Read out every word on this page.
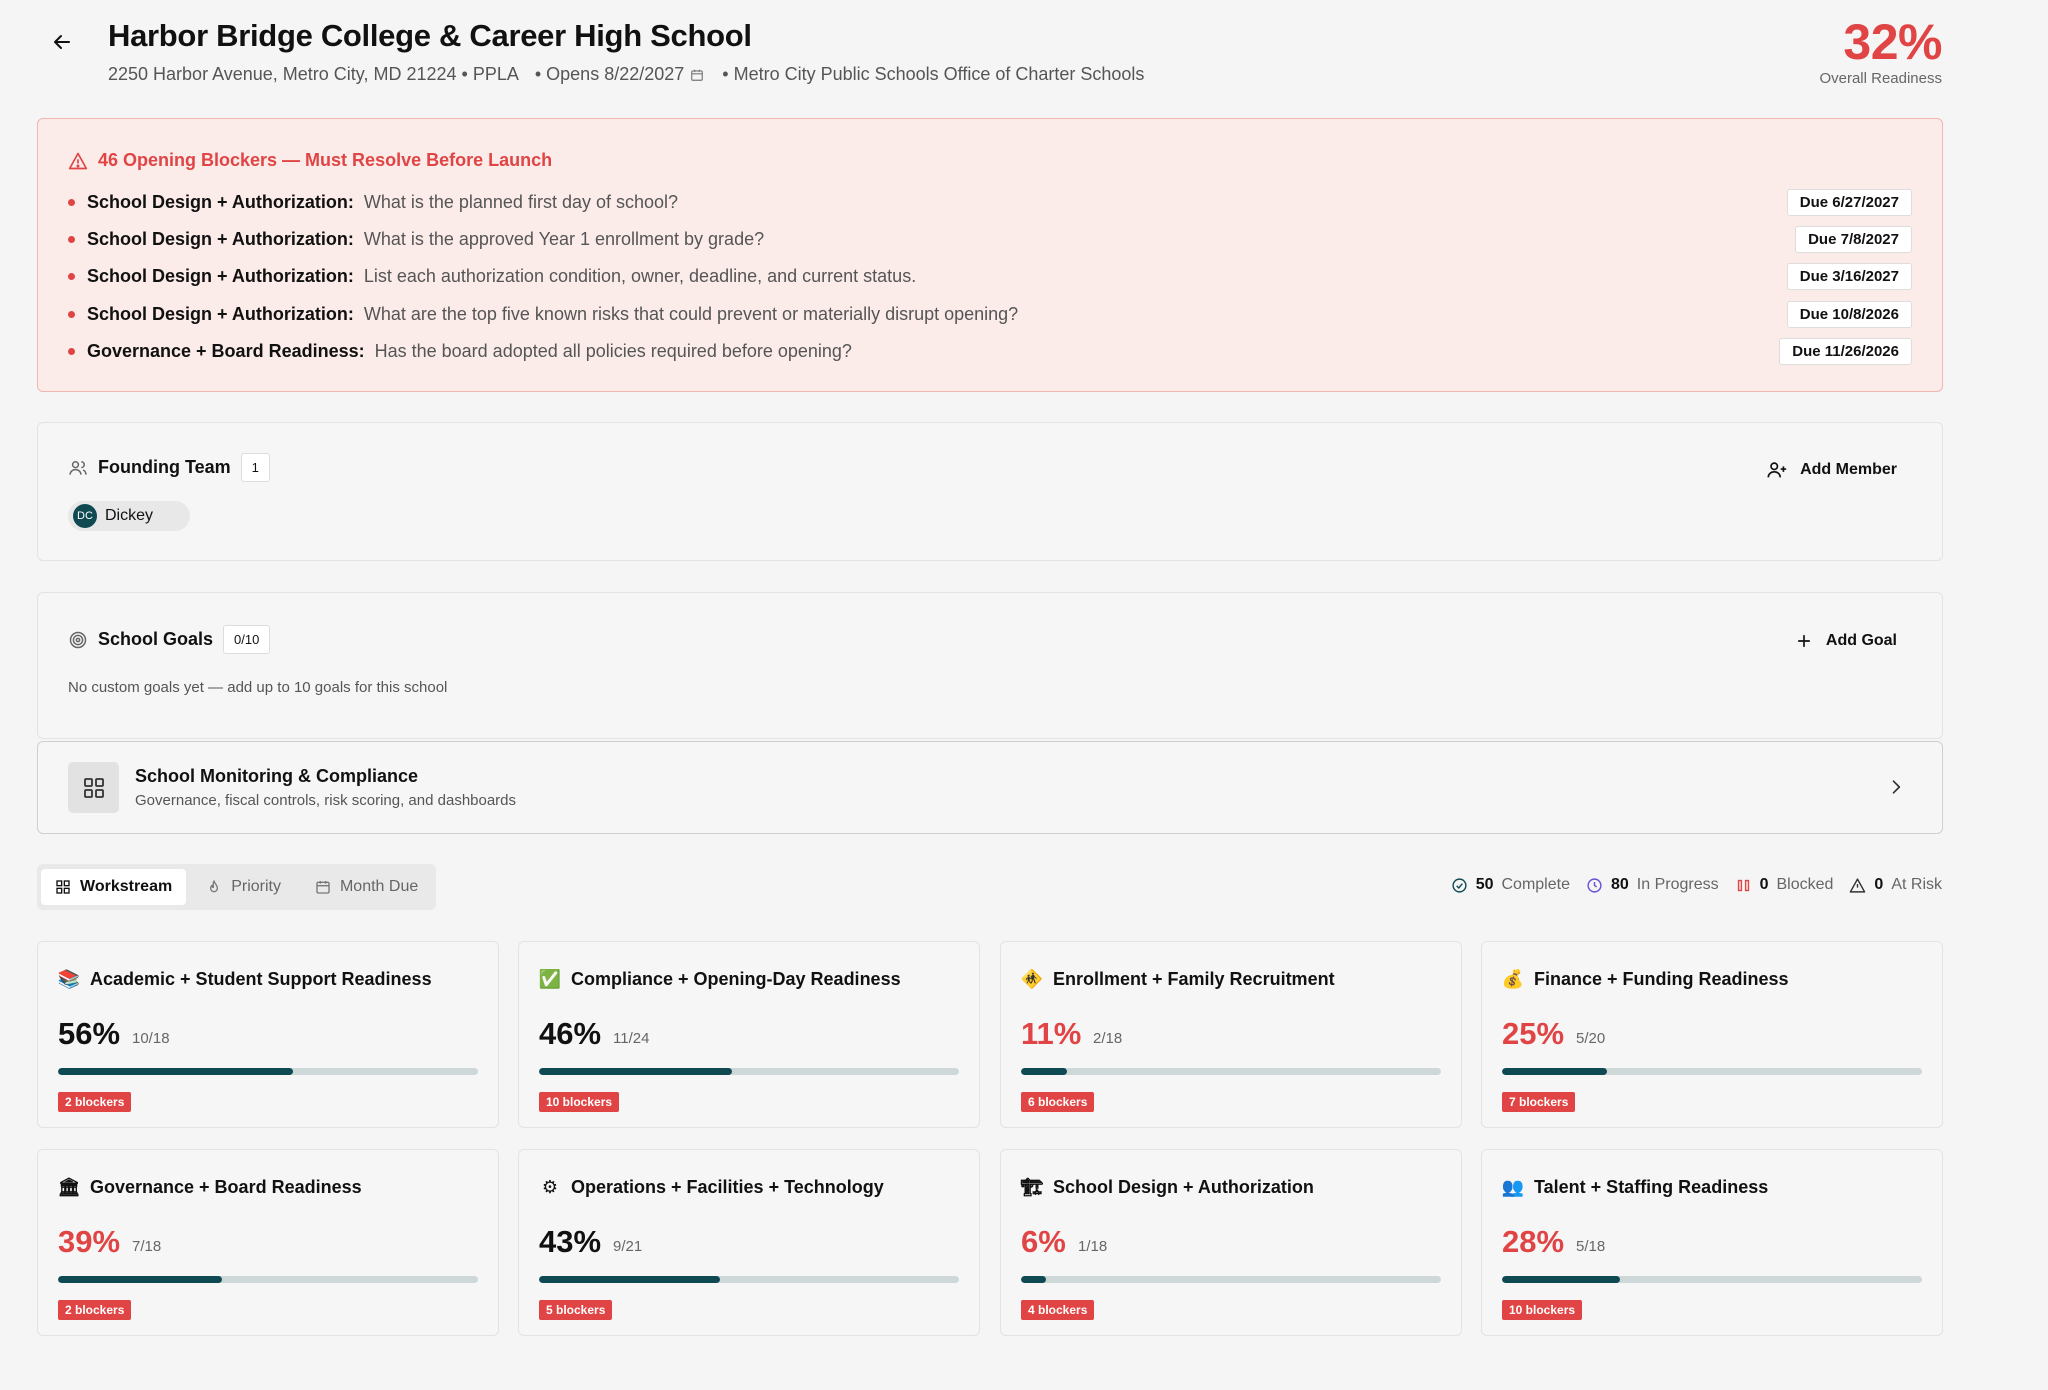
Harbor Bridge College & Career High School
2250 Harbor Avenue, Metro City, MD 21224 • PPLA • Opens 8/22/2027 • Metro City Public Schools Office of Charter Schools
32%
Overall Readiness
46 Opening Blockers — Must Resolve Before Launch
School Design + Authorization: What is the planned first day of school?	Due 6/27/2027
School Design + Authorization: What is the approved Year 1 enrollment by grade?	Due 7/8/2027
School Design + Authorization: List each authorization condition, owner, deadline, and current status.	Due 3/16/2027
School Design + Authorization: What are the top five known risks that could prevent or materially disrupt opening?	Due 10/8/2026
Governance + Board Readiness: Has the board adopted all policies required before opening?	Due 11/26/2026
Founding Team	1	Add Member
DC Dickey
School Goals	0/10	Add Goal
No custom goals yet — add up to 10 goals for this school
School Monitoring & Compliance
Governance, fiscal controls, risk scoring, and dashboards
Workstream	Priority	Month Due	50 Complete	80 In Progress	0 Blocked	0 At Risk
📚 Academic + Student Support Readiness
56% 10/18
2 blockers
✅ Compliance + Opening-Day Readiness
46% 11/24
10 blockers
🚸 Enrollment + Family Recruitment
11% 2/18
6 blockers
💰 Finance + Funding Readiness
25% 5/20
7 blockers
🏛 Governance + Board Readiness
39% 7/18
2 blockers
⚙ Operations + Facilities + Technology
43% 9/21
5 blockers
🏗 School Design + Authorization
6% 1/18
4 blockers
👥 Talent + Staffing Readiness
28% 5/18
10 blockers
